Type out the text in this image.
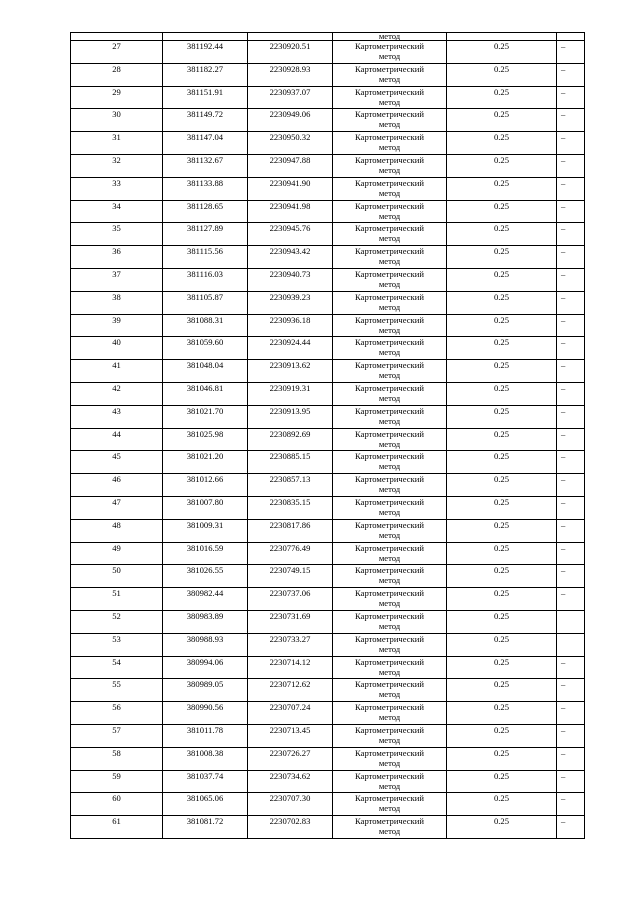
			метод		
27	381192.44	2230920.51	Картометрический
метод	0.25	–
28	381182.27	2230928.93	Картометрический
метод	0.25	–
29	381151.91	2230937.07	Картометрический
метод	0.25	–
30	381149.72	2230949.06	Картометрический
метод	0.25	–
31	381147.04	2230950.32	Картометрический
метод	0.25	–
32	381132.67	2230947.88	Картометрический
метод	0.25	–
33	381133.88	2230941.90	Картометрический
метод	0.25	–
34	381128.65	2230941.98	Картометрический
метод	0.25	–
35	381127.89	2230945.76	Картометрический
метод	0.25	–
36	381115.56	2230943.42	Картометрический
метод	0.25	–
37	381116.03	2230940.73	Картометрический
метод	0.25	–
38	381105.87	2230939.23	Картометрический
метод	0.25	–
39	381088.31	2230936.18	Картометрический
метод	0.25	–
40	381059.60	2230924.44	Картометрический
метод	0.25	–
41	381048.04	2230913.62	Картометрический
метод	0.25	–
42	381046.81	2230919.31	Картометрический
метод	0.25	–
43	381021.70	2230913.95	Картометрический
метод	0.25	–
44	381025.98	2230892.69	Картометрический
метод	0.25	–
45	381021.20	2230885.15	Картометрический
метод	0.25	–
46	381012.66	2230857.13	Картометрический
метод	0.25	–
47	381007.80	2230835.15	Картометрический
метод	0.25	–
48	381009.31	2230817.86	Картометрический
метод	0.25	–
49	381016.59	2230776.49	Картометрический
метод	0.25	–
50	381026.55	2230749.15	Картометрический
метод	0.25	–
51	380982.44	2230737.06	Картометрический
метод	0.25	–
52	380983.89	2230731.69	Картометрический
метод	0.25	
53	380988.93	2230733.27	Картометрический
метод	0.25	
54	380994.06	2230714.12	Картометрический
метод	0.25	–
55	380989.05	2230712.62	Картометрический
метод	0.25	–
56	380990.56	2230707.24	Картометрический
метод	0.25	–
57	381011.78	2230713.45	Картометрический
метод	0.25	–
58	381008.38	2230726.27	Картометрический
метод	0.25	–
59	381037.74	2230734.62	Картометрический
метод	0.25	–
60	381065.06	2230707.30	Картометрический
метод	0.25	–
61	381081.72	2230702.83	Картометрический
метод	0.25	–
